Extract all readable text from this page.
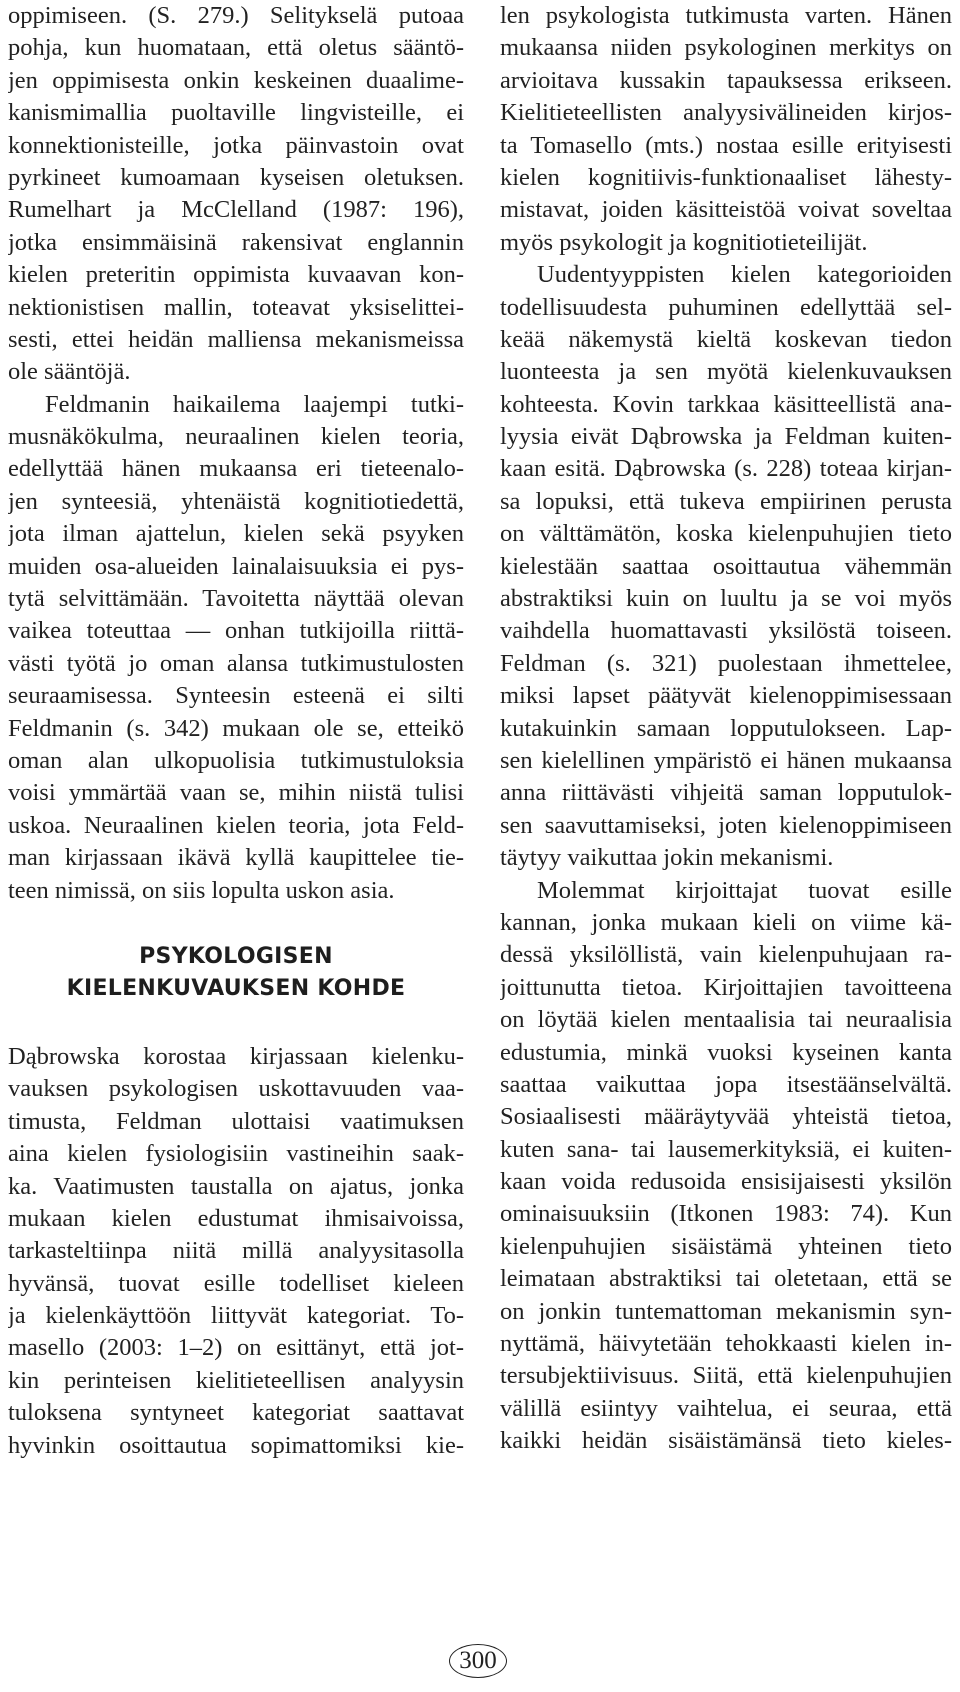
oppimiseen. (S. 279.) Selitykselä putoaa
pohja, kun huomataan, että oletus sääntö-
jen oppimisesta onkin keskeinen duaalime-
kanismimallia puoltaville lingvisteille, ei
konnektionisteille, jotka päinvastoin ovat
pyrkineet kumoamaan kyseisen oletuksen.
Rumelhart ja McClelland (1987: 196),
jotka ensimmäisinä rakensivat englannin
kielen preteritin oppimista kuvaavan kon-
nektionistisen mallin, toteavat yksiselittei-
sesti, ettei heidän malliensa mekanismeissa
ole sääntöjä.
Feldmanin haikailema laajempi tutki-
musnäkökulma, neuraalinen kielen teoria,
edellyttää hänen mukaansa eri tieteenalo-
jen synteesiä, yhtenäistä kognitiotiedettä,
jota ilman ajattelun, kielen sekä psyyken
muiden osa-alueiden lainalaisuuksia ei pys-
tytä selvittämään. Tavoitetta näyttää olevan
vaikea toteuttaa — onhan tutkijoilla riittä-
västi työtä jo oman alansa tutkimustulosten
seuraamisessa. Synteesin esteenä ei silti
Feldmanin (s. 342) mukaan ole se, etteikö
oman alan ulkopuolisia tutkimustuloksia
voisi ymmärtää vaan se, mihin niistä tulisi
uskoa. Neuraalinen kielen teoria, jota Feld-
man kirjassaan ikävä kyllä kaupittelee tie-
teen nimissä, on siis lopulta uskon asia.
PSYKOLOGISEN
KIELENKUVAUKSEN KOHDE
Dąbrowska korostaa kirjassaan kielenku-
vauksen psykologisen uskottavuuden vaa-
timusta, Feldman ulottaisi vaatimuksen
aina kielen fysiologisiin vastineihin saak-
ka. Vaatimusten taustalla on ajatus, jonka
mukaan kielen edustumat ihmisaivoissa,
tarkasteltiinpa niitä millä analyysitasolla
hyvänsä, tuovat esille todelliset kieleen
ja kielenkäyttöön liittyvät kategoriat. To-
masello (2003: 1–2) on esittänyt, että jot-
kin perinteisen kielitieteellisen analyysin
tuloksena syntyneet kategoriat saattavat
hyvinkin osoittautua sopimattomiksi kie-
len psykologista tutkimusta varten. Hänen
mukaansa niiden psykologinen merkitys on
arvioitava kussakin tapauksessa erikseen.
Kielitieteellisten analyysivälineiden kirjos-
ta Tomasello (mts.) nostaa esille erityisesti
kielen kognitiivis-funktionaaliset lähesty-
mistavat, joiden käsitteistöä voivat soveltaa
myös psykologit ja kognitiotieteilijät.
Uudentyyppisten kielen kategorioiden
todellisuudesta puhuminen edellyttää sel-
keää näkemystä kieltä koskevan tiedon
luonteesta ja sen myötä kielenkuvauksen
kohteesta. Kovin tarkkaa käsitteellistä ana-
lyysia eivät Dąbrowska ja Feldman kuiten-
kaan esitä. Dąbrowska (s. 228) toteaa kirjan-
sa lopuksi, että tukeva empiirinen perusta
on välttämätön, koska kielenpuhujien tieto
kielestään saattaa osoittautua vähemmän
abstraktiksi kuin on luultu ja se voi myös
vaihdella huomattavasti yksilöstä toiseen.
Feldman (s. 321) puolestaan ihmettelee,
miksi lapset päätyvät kielenoppimisessaan
kutakuinkin samaan lopputulokseen. Lap-
sen kielellinen ympäristö ei hänen mukaansa
anna riittävästi vihjeitä saman lopputulok-
sen saavuttamiseksi, joten kielenoppimiseen
täytyy vaikuttaa jokin mekanismi.
Molemmat kirjoittajat tuovat esille
kannan, jonka mukaan kieli on viime kä-
dessä yksilöllistä, vain kielenpuhujaan ra-
joittunutta tietoa. Kirjoittajien tavoitteena
on löytää kielen mentaalisia tai neuraalisia
edustumia, minkä vuoksi kyseinen kanta
saattaa vaikuttaa jopa itsestäänselvältä.
Sosiaalisesti määräytyvää yhteistä tietoa,
kuten sana- tai lausemerkityksiä, ei kuiten-
kaan voida redusoida ensisijaisesti yksilön
ominaisuuksiin (Itkonen 1983: 74). Kun
kielenpuhujien sisäistämä yhteinen tieto
leimataan abstraktiksi tai oletetaan, että se
on jonkin tuntemattoman mekanismin syn-
nyttämä, häivytetään tehokkaasti kielen in-
tersubjektiivisuus. Siitä, että kielenpuhujien
välillä esiintyy vaihtelua, ei seuraa, että
kaikki heidän sisäistämänsä tieto kieles-
300
